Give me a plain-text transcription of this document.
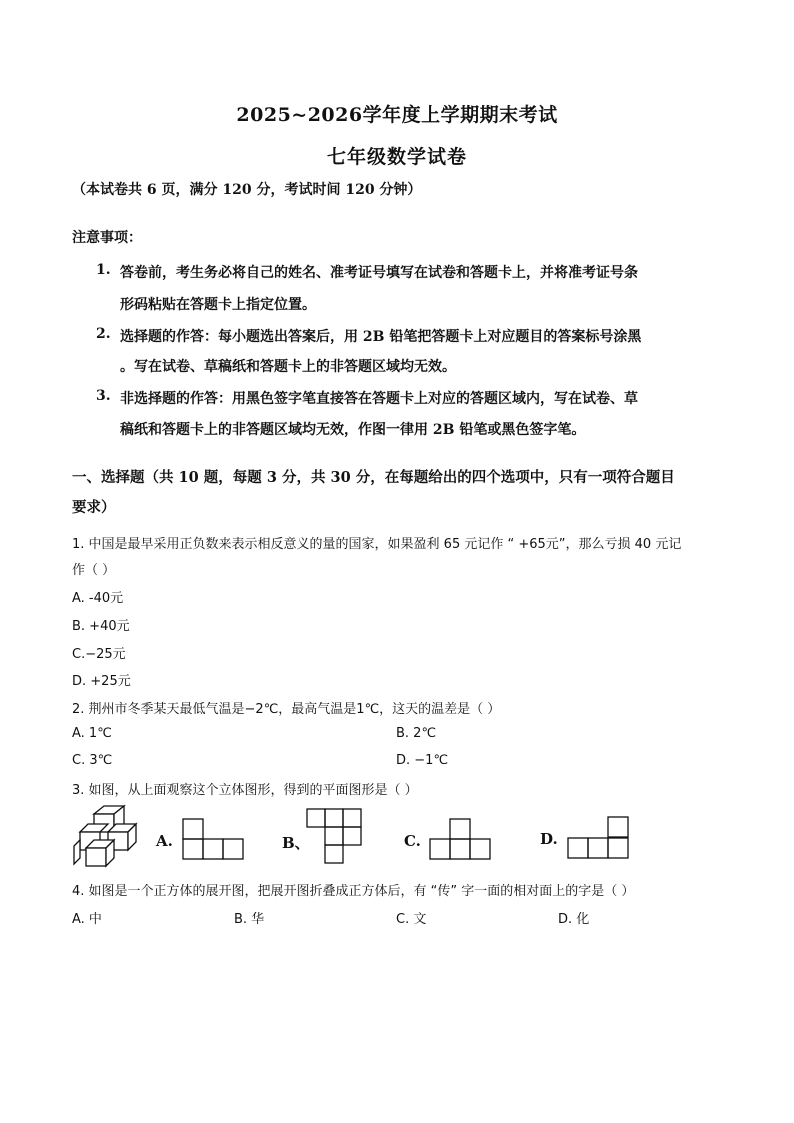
2025~2026学年度上学期期末考试
七年级数学试卷
（本试卷共 6 页，满分 120 分，考试时间 120 分钟）
注意事项：
1. 答卷前，考生务必将自己的姓名、准考证号填写在试卷和答题卡上，并将准考证号条
形码粘贴在答题卡上指定位置。
2. 选择题的作答：每小题选出答案后，用 2B 铅笔把答题卡上对应题目的答案标号涂黑
。写在试卷、草稿纸和答题卡上的非答题区域均无效。
3. 非选择题的作答：用黑色签字笔直接答在答题卡上对应的答题区域内，写在试卷、草
稿纸和答题卡上的非答题区域均无效，作图一律用 2B 铅笔或黑色签字笔。
一、选择题（共 10 题，每题 3 分，共 30 分，在每题给出的四个选项中，只有一项符合题目
要求）
1. 中国是最早采用正负数来表示相反意义的量的国家，如果盈利 65 元记作 “ +65元”，那么亏损 40 元记
作（ ）
A. -40元
B. +40元
C.−25元
D. +25元
2. 荆州市冬季某天最低气温是−2℃，最高气温是1℃，这天的温差是（ ）
A. 1℃	B. 2℃
C. 3℃	D. −1℃
3. 如图，从上面观察这个立体图形，得到的平面图形是（ ）
A.	B、	C.	D.
4. 如图是一个正方体的展开图，把展开图折叠成正方体后，有 “传” 字一面的相对面上的字是（ ）
A. 中	B. 华	C. 文	D. 化
